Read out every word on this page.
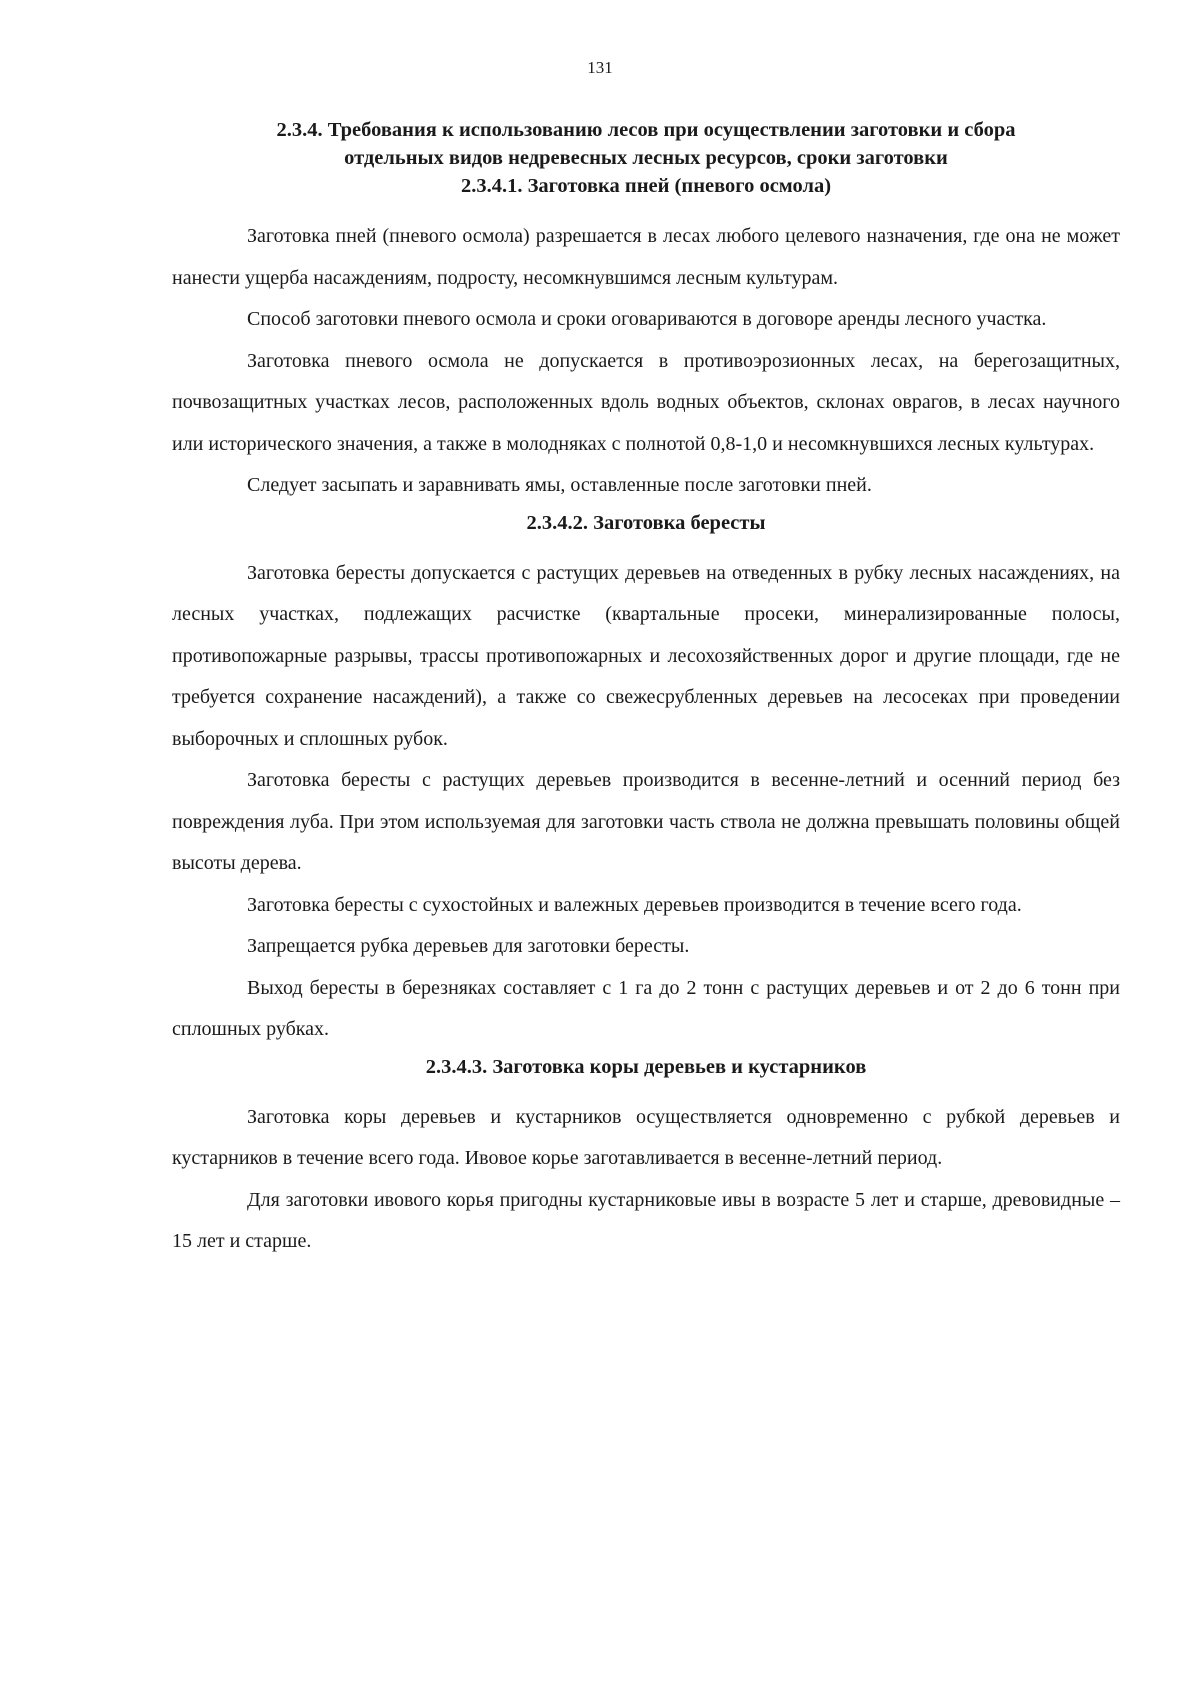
131

2.3.4. Требования к использованию лесов при осуществлении заготовки и сбора

отдельных видов недревесных лесных ресурсов, сроки заготовки

2.3.4.1. Заготовка пней (пневого осмола)

Заготовка пней (пневого осмола) разрешается в лесах любого целевого назначения, где она не может нанести ущерба насаждениям, подросту, несомкнувшимся лесным культурам.

Способ заготовки пневого осмола и сроки оговариваются в договоре аренды лесного участка.

Заготовка пневого осмола не допускается в противоэрозионных лесах, на берегозащитных, почвозащитных участках лесов, расположенных вдоль водных объектов, склонах оврагов, в лесах научного или исторического значения, а также в молодняках с полнотой 0,8-1,0 и несомкнувшихся лесных культурах.

Следует засыпать и заравнивать ямы, оставленные после заготовки пней.

2.3.4.2. Заготовка бересты

Заготовка бересты допускается с растущих деревьев на отведенных в рубку лесных насаждениях, на лесных участках, подлежащих расчистке (квартальные просеки, минерализированные полосы, противопожарные разрывы, трассы противопожарных и лесохозяйственных дорог и другие площади, где не требуется сохранение насаждений), а также со свежесрубленных деревьев на лесосеках при проведении выборочных и сплошных рубок.

Заготовка бересты с растущих деревьев производится в весенне-летний и осенний период без повреждения луба. При этом используемая для заготовки часть ствола не должна превышать половины общей высоты дерева.

Заготовка бересты с сухостойных и валежных деревьев производится в течение всего года.

Запрещается рубка деревьев для заготовки бересты.

Выход бересты в березняках составляет с 1 га до 2 тонн с растущих деревьев и от 2 до 6 тонн при сплошных рубках.

2.3.4.3. Заготовка коры деревьев и кустарников

Заготовка коры деревьев и кустарников осуществляется одновременно с рубкой деревьев и кустарников в течение всего года. Ивовое корье заготавливается в весенне-летний период.

Для заготовки ивового корья пригодны кустарниковые ивы в возрасте 5 лет и старше, древовидные – 15 лет и старше.
